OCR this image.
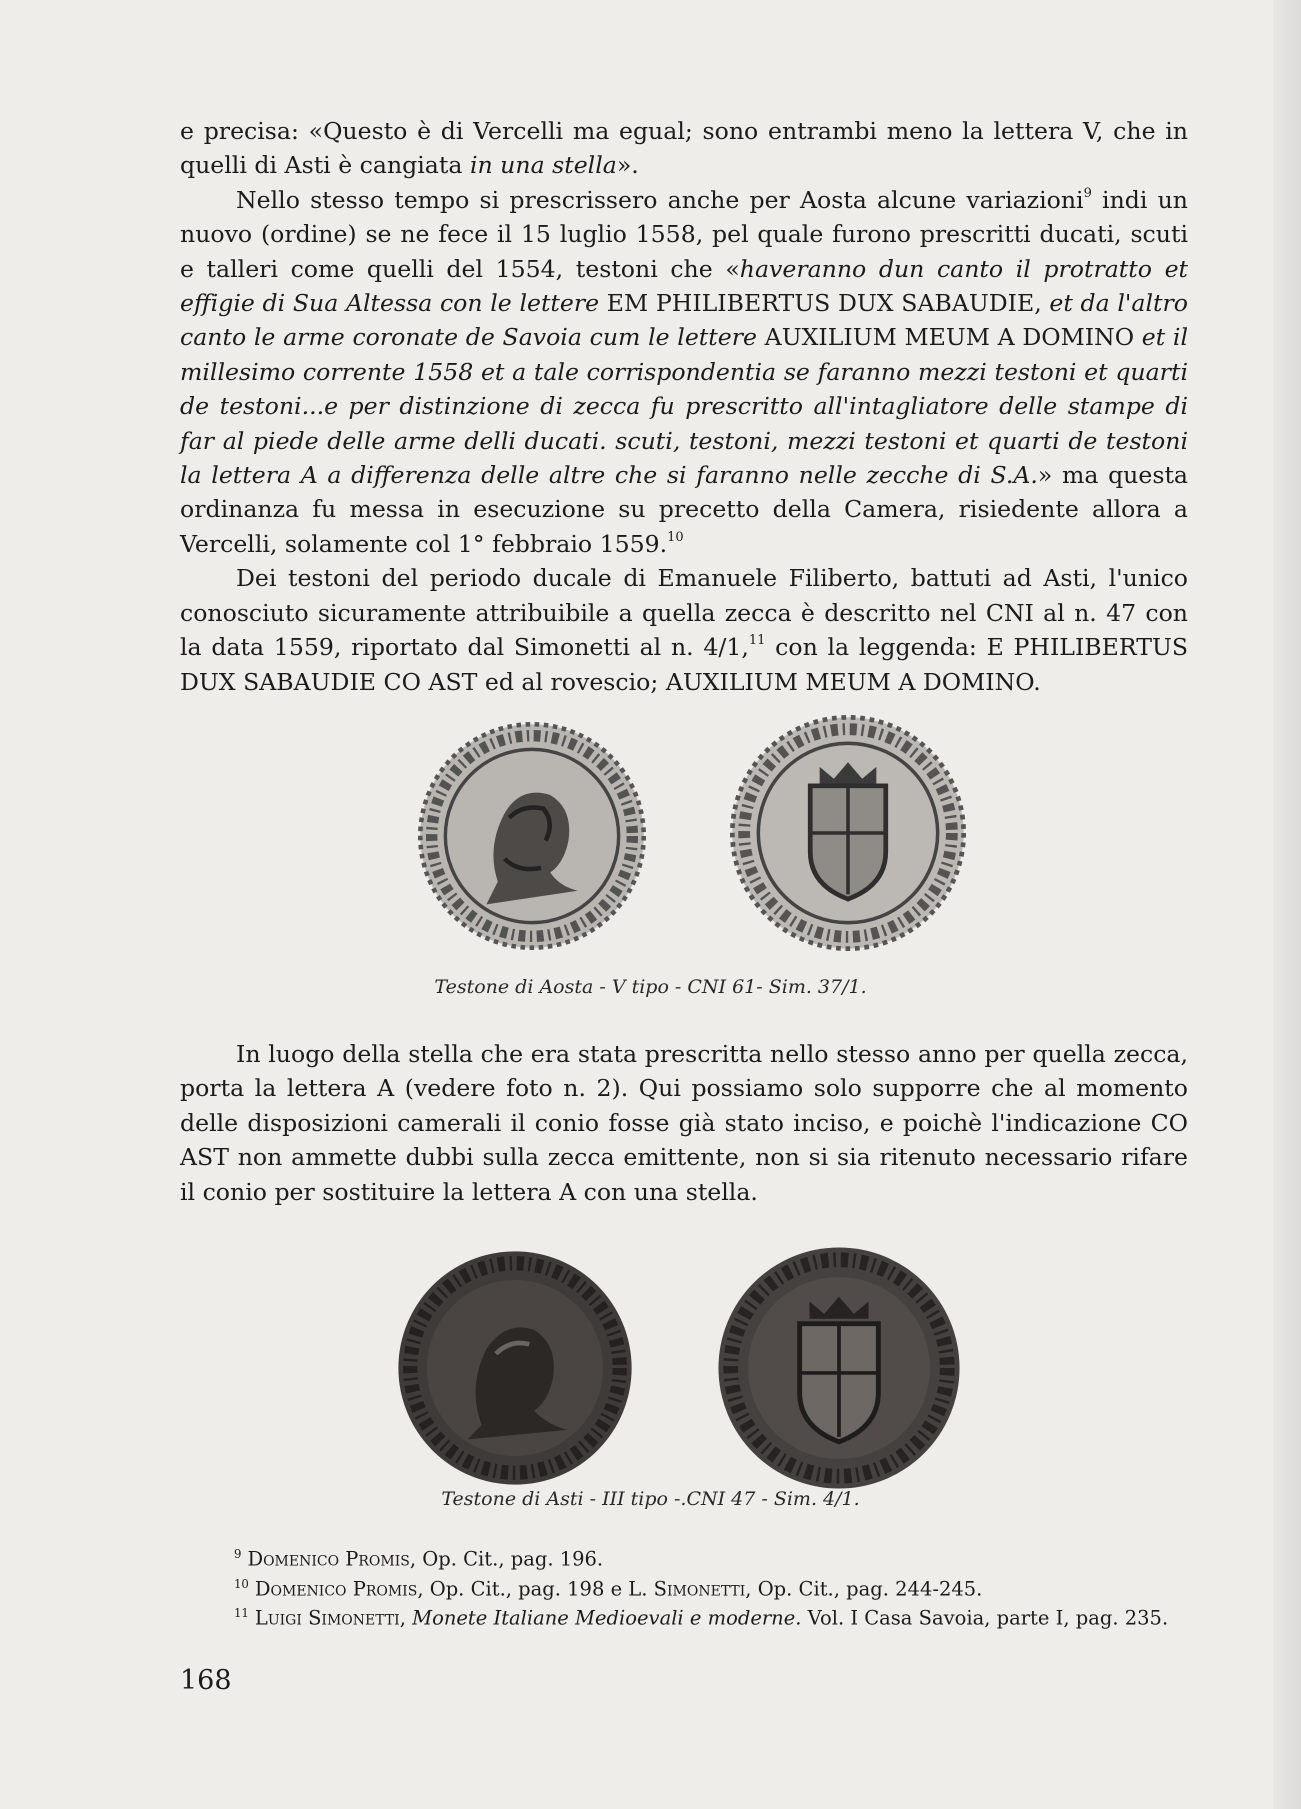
e precisa: «Questo è di Vercelli ma egual; sono entrambi meno la lettera V, che in quelli di Asti è cangiata in una stella».

Nello stesso tempo si prescrissero anche per Aosta alcune variazioni$^9$ indi un nuovo (ordine) se ne fece il 15 luglio 1558, pel quale furono prescritti ducati, scuti e talleri come quelli del 1554, testoni che «haveranno dun canto il protratto et effigie di Sua Altessa con le lettere EM PHILIBERTUS DUX SABAUDIE, et da l'altro canto le arme coronate de Savoia cum le lettere AUXILIUM MEUM A DOMINO et il millesimo corrente 1558 et a tale corrispondentia se faranno mezzi testoni et quarti de testoni...e per distinzione di zecca fu prescritto all'intagliatore delle stampe di far al piede delle arme delli ducati. scuti, testoni, mezzi testoni et quarti de testoni la lettera A a differenza delle altre che si faranno nelle zecche di S.A.» ma questa ordinanza fu messa in esecuzione su precetto della Camera, risiedente allora a Vercelli, solamente col 1° febbraio 1559.10

Dei testoni del periodo ducale di Emanuele Filiberto, battuti ad Asti, l'unico conosciuto sicuramente attribuibile a quella zecca è descritto nel CNI al n. 47 con la data 1559, riportato dal Simonetti al n. 4/1,11 con la leggenda: E PHILIBERTUS DUX SABAUDIE CO AST ed al rovescio; AUXILIUM MEUM A DOMINO.

Testone di Aosta - V tipo - CNI 61- Sim. 37/1.

In luogo della stella che era stata prescritta nello stesso anno per quella zecca, porta la lettera A (vedere foto n. 2). Qui possiamo solo supporre che al momento delle disposizioni camerali il conio fosse già stato inciso, e poichè l'indicazione CO AST non ammette dubbi sulla zecca emittente, non si sia ritenuto necessario rifare il conio per sostituire la lettera A con una stella.

Testone di Asti - III tipo -.CNI 47 - Sim. 4/1.
$^9$ Domenico Promis, Op. Cit., pag. 196.
$^{10}$ Domenico Promis, Op. Cit., pag. 198 e L. Simonetti, Op. Cit., pag. 244-245.
$^{11}$ Luigi Simonetti, Monete Italiane Medioevali e moderne. Vol. I Casa Savoia, parte I, pag. 235.
168
